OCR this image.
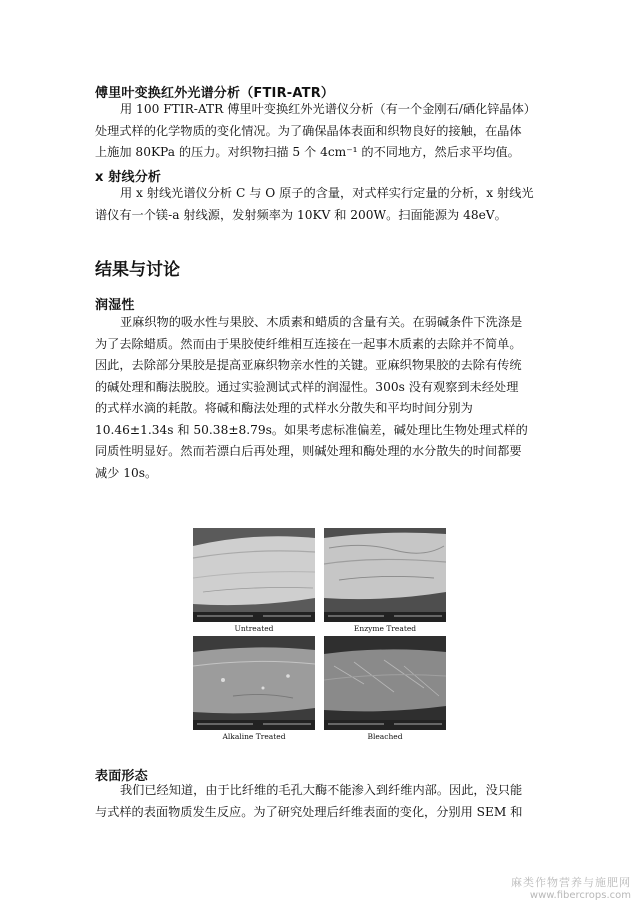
傅里叶变换红外光谱分析（FTIR-ATR）
用 100 FTIR-ATR 傅里叶变换红外光谱仪分析（有一个金刚石/硒化锌晶体）
处理式样的化学物质的变化情况。为了确保晶体表面和织物良好的接触，在晶体
上施加 80KPa 的压力。对织物扫描 5 个 4cm⁻¹ 的不同地方，然后求平均值。
x 射线分析
用 x 射线光谱仪分析 C 与 O 原子的含量，对式样实行定量的分析，x 射线光
谱仪有一个镁-a 射线源，发射频率为 10KV 和 200W。扫面能源为 48eV。
结果与讨论
润湿性
亚麻织物的吸水性与果胶、木质素和蜡质的含量有关。在弱碱条件下洗涤是
为了去除蜡质。然而由于果胶使纤维相互连接在一起事木质素的去除并不简单。
因此，去除部分果胶是提高亚麻织物亲水性的关键。亚麻织物果胶的去除有传统
的碱处理和酶法脱胶。通过实验测试式样的润湿性。300s 没有观察到未经处理
的式样水滴的耗散。将碱和酶法处理的式样水分散失和平均时间分别为
10.46±1.34s 和 50.38±8.79s。如果考虑标准偏差，碱处理比生物处理式样的
同质性明显好。然而若漂白后再处理，则碱处理和酶处理的水分散失的时间都要
减少 10s。
Untreated	Enzyme Treated
Alkaline Treated	Bleached
表面形态
我们已经知道，由于比纤维的毛孔大酶不能渗入到纤维内部。因此，没只能
与式样的表面物质发生反应。为了研究处理后纤维表面的变化，分别用 SEM 和
麻类作物营养与施肥网
www.fibercrops.com
